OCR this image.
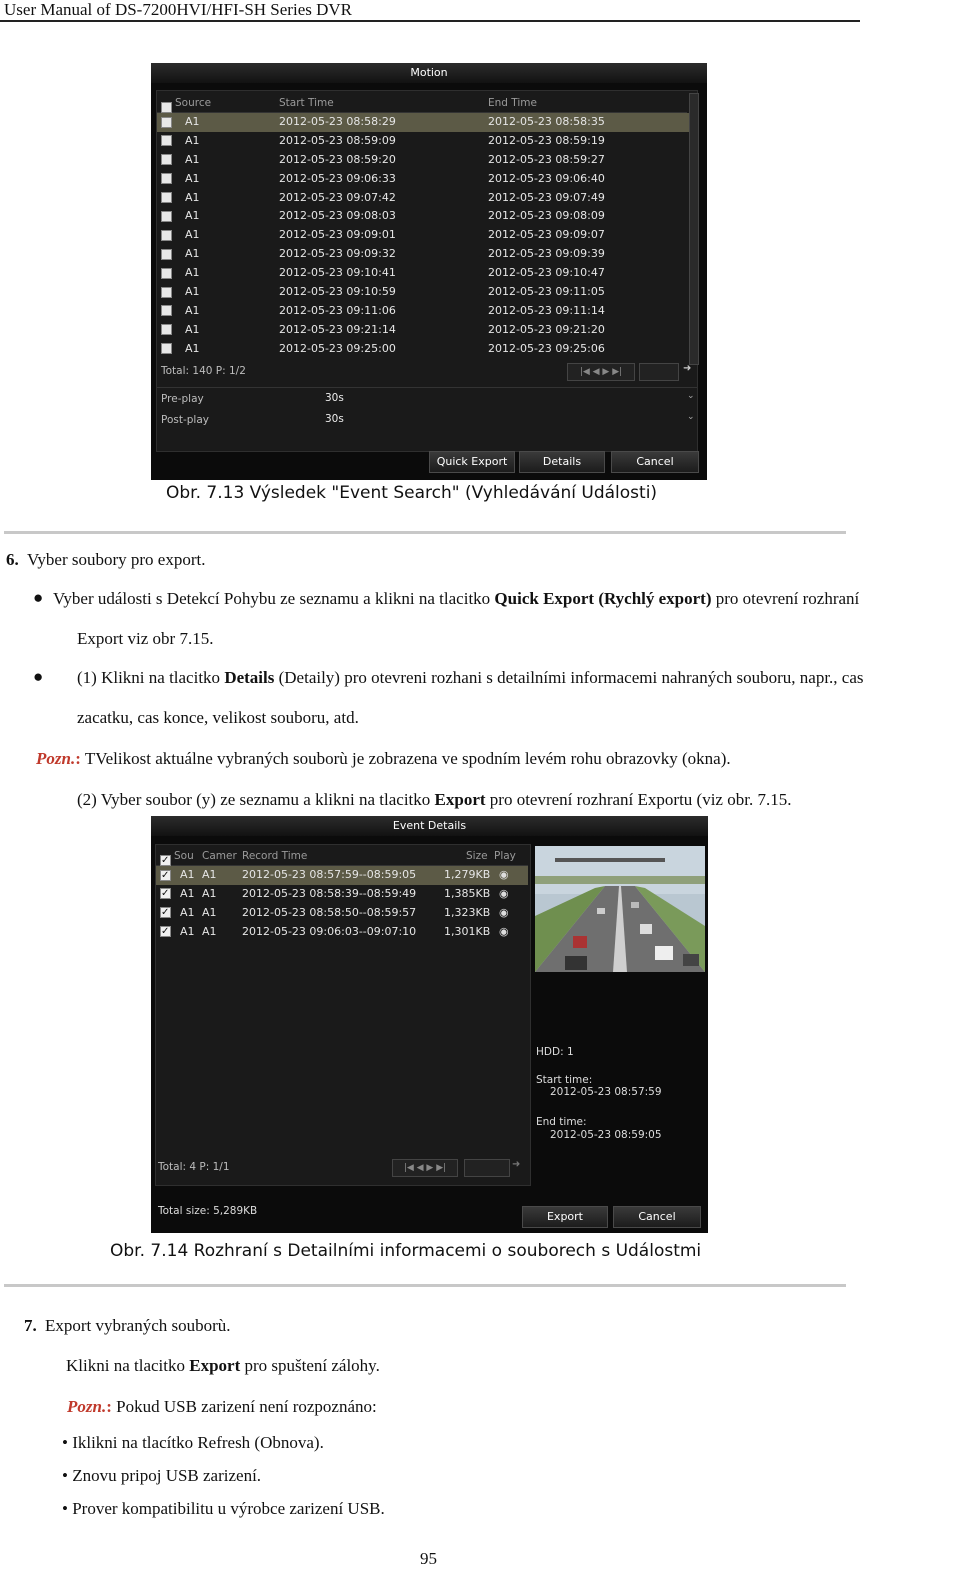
User Manual of DS-7200HVI/HFI-SH Series DVR
Motion
Source	Start Time	End Time
A1	2012-05-23 08:58:29	2012-05-23 08:58:35
A1	2012-05-23 08:59:09	2012-05-23 08:59:19
A1	2012-05-23 08:59:20	2012-05-23 08:59:27
A1	2012-05-23 09:06:33	2012-05-23 09:06:40
A1	2012-05-23 09:07:42	2012-05-23 09:07:49
A1	2012-05-23 09:08:03	2012-05-23 09:08:09
A1	2012-05-23 09:09:01	2012-05-23 09:09:07
A1	2012-05-23 09:09:32	2012-05-23 09:09:39
A1	2012-05-23 09:10:41	2012-05-23 09:10:47
A1	2012-05-23 09:10:59	2012-05-23 09:11:05
A1	2012-05-23 09:11:06	2012-05-23 09:11:14
A1	2012-05-23 09:21:14	2012-05-23 09:21:20
A1	2012-05-23 09:25:00	2012-05-23 09:25:06
Total: 140 P: 1/2	|◀ ◀ ▶ ▶|	➜
Pre-play	30s	⌄
Post-play	30s	⌄
Quick Export	Details	Cancel
Obr. 7.13 Výsledek "Event Search" (Vyhledávání Události)
6. Vyber soubory pro export.
● Vyber události s Detekcí Pohybu ze seznamu a klikni na tlacitko Quick Export (Rychlý export) pro otevrení rozhraní
Export viz obr 7.15.
● (1) Klikni na tlacitko Details (Detaily) pro otevreni rozhani s detailními informacemi nahraných souboru, napr., cas
zacatku, cas konce, velikost souboru, atd.
Pozn.: TVelikost aktuálne vybraných souborù je zobrazena ve spodním levém rohu obrazovky (okna).
(2) Vyber soubor (y) ze seznamu a klikni na tlacitko Export pro otevrení rozhraní Exportu (viz obr. 7.15.
Event Details
✓
Sou Camer Record Time	Size Play
✓
A1 A1 2012-05-23 08:57:59--08:59:05	1,279KB ◉
✓
A1 A1 2012-05-23 08:58:39--08:59:49	1,385KB ◉
✓
A1 A1 2012-05-23 08:58:50--08:59:57	1,323KB ◉
✓
A1 A1 2012-05-23 09:06:03--09:07:10	1,301KB ◉
Total: 4 P: 1/1	|◀ ◀ ▶ ▶|	➜
HDD: 1
Start time:
2012-05-23 08:57:59
End time:
2012-05-23 08:59:05
Total size: 5,289KB	Export	Cancel
Obr. 7.14 Rozhraní s Detailními informacemi o souborech s Událostmi
7. Export vybraných souborù.
Klikni na tlacitko Export pro spuštení zálohy.
Pozn.: Pokud USB zarizení není rozpoznáno:
• Iklikni na tlacítko Refresh (Obnova).
• Znovu pripoj USB zarizení.
• Prover kompatibilitu u výrobce zarizení USB.
95
